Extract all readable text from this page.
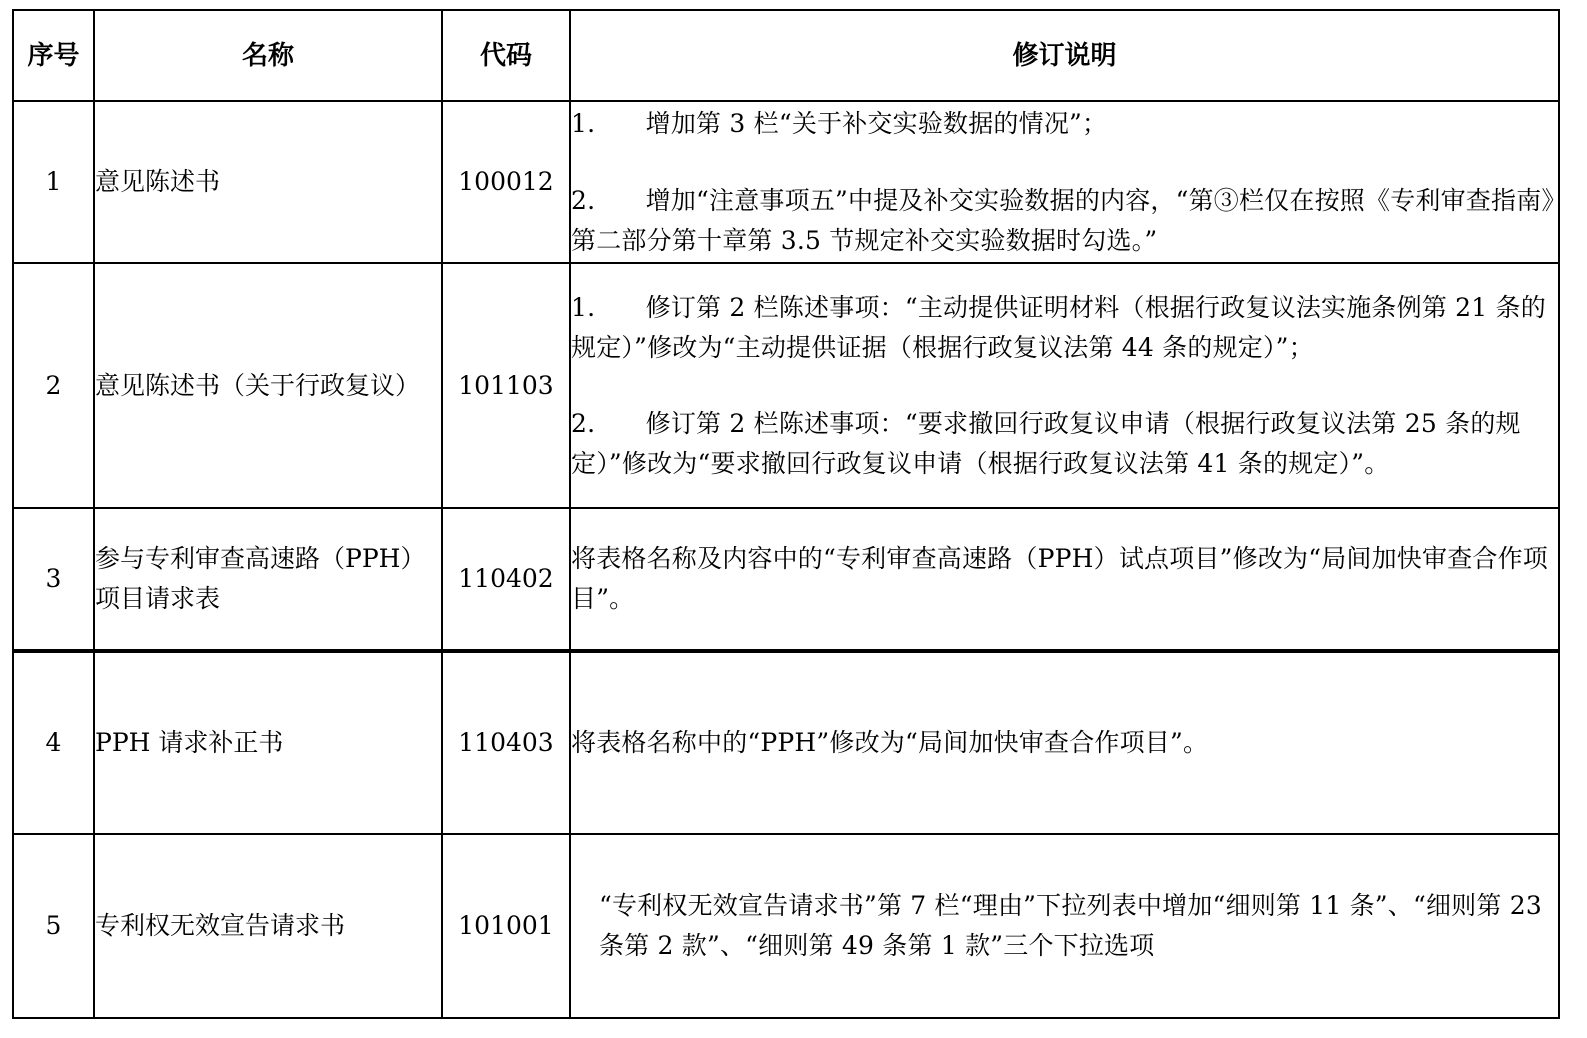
序号	名称	代码	修订说明
1	意见陈述书	100012	1.　　增加第 3 栏“关于补交实验数据的情况”；

2.　　增加“注意事项五”中提及补交实验数据的内容，“第③栏仅在按照《专利审查指南》第二部分第十章第 3.5 节规定补交实验数据时勾选。”

2	意见陈述书（关于行政复议）	101103	1.　　修订第 2 栏陈述事项：“主动提供证明材料（根据行政复议法实施条例第 21 条的规定）”修改为“主动提供证据（根据行政复议法第 44 条的规定）”；

2.　　修订第 2 栏陈述事项：“要求撤回行政复议申请（根据行政复议法第 25 条的规定）”修改为“要求撤回行政复议申请（根据行政复议法第 41 条的规定）”。

3	参与专利审查高速路（PPH）项目请求表	110402	将表格名称及内容中的“专利审查高速路（PPH）试点项目”修改为“局间加快审查合作项目”。

4	PPH 请求补正书	110403	将表格名称中的“PPH”修改为“局间加快审查合作项目”。

5	专利权无效宣告请求书	101001	“专利权无效宣告请求书”第 7 栏“理由”下拉列表中增加“细则第 11 条”、“细则第 23 条第 2 款”、“细则第 49 条第 1 款”三个下拉选项
